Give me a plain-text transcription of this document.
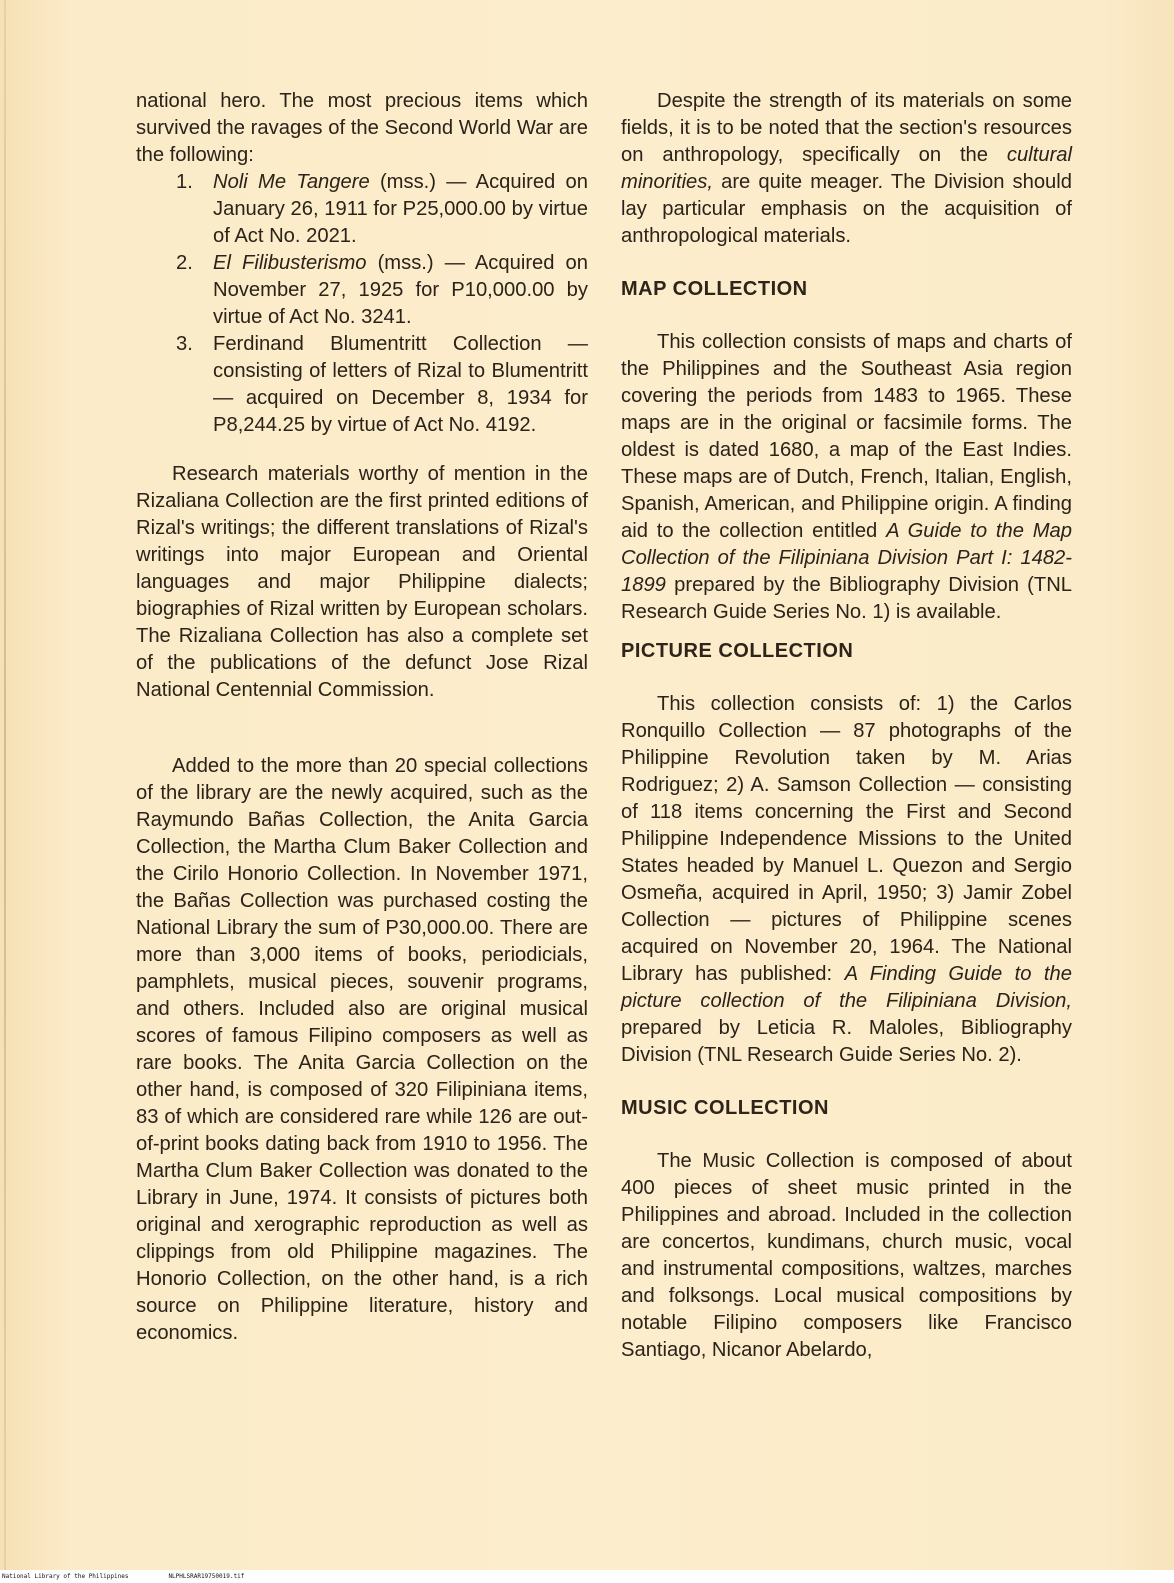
national hero. The most precious items which survived the ravages of the Second World War are the following:

1. Noli Me Tangere (mss.) — Acquired on January 26, 1911 for P25,000.00 by virtue of Act No. 2021.
2. El Filibusterismo (mss.) — Acquired on November 27, 1925 for P10,000.00 by virtue of Act No. 3241.
3. Ferdinand Blumentritt Collection — consisting of letters of Rizal to Blumentritt — acquired on December 8, 1934 for P8,244.25 by virtue of Act No. 4192.

Research materials worthy of mention in the Rizaliana Collection are the first printed editions of Rizal's writings; the different translations of Rizal's writings into major European and Oriental languages and major Philippine dialects; biographies of Rizal written by European scholars. The Rizaliana Collection has also a complete set of the publications of the defunct Jose Rizal National Centennial Commission.

Added to the more than 20 special collections of the library are the newly acquired, such as the Raymundo Bañas Collection, the Anita Garcia Collection, the Martha Clum Baker Collection and the Cirilo Honorio Collection. In November 1971, the Bañas Collection was purchased costing the National Library the sum of P30,000.00. There are more than 3,000 items of books, periodicials, pamphlets, musical pieces, souvenir programs, and others. Included also are original musical scores of famous Filipino composers as well as rare books. The Anita Garcia Collection on the other hand, is composed of 320 Filipiniana items, 83 of which are considered rare while 126 are out-of-print books dating back from 1910 to 1956. The Martha Clum Baker Collection was donated to the Library in June, 1974. It consists of pictures both original and xerographic reproduction as well as clippings from old Philippine magazines. The Honorio Collection, on the other hand, is a rich source on Philippine literature, history and economics.

Despite the strength of its materials on some fields, it is to be noted that the section's resources on anthropology, specifically on the cultural minorities, are quite meager. The Division should lay particular emphasis on the acquisition of anthropological materials.

MAP COLLECTION

This collection consists of maps and charts of the Philippines and the Southeast Asia region covering the periods from 1483 to 1965. These maps are in the original or facsimile forms. The oldest is dated 1680, a map of the East Indies. These maps are of Dutch, French, Italian, English, Spanish, American, and Philippine origin. A finding aid to the collection entitled A Guide to the Map Collection of the Filipiniana Division Part I: 1482-1899 prepared by the Bibliography Division (TNL Research Guide Series No. 1) is available.

PICTURE COLLECTION

This collection consists of: 1) the Carlos Ronquillo Collection — 87 photographs of the Philippine Revolution taken by M. Arias Rodriguez; 2) A. Samson Collection — consisting of 118 items concerning the First and Second Philippine Independence Missions to the United States headed by Manuel L. Quezon and Sergio Osmeña, acquired in April, 1950; 3) Jamir Zobel Collection — pictures of Philippine scenes acquired on November 20, 1964. The National Library has published: A Finding Guide to the picture collection of the Filipiniana Division, prepared by Leticia R. Maloles, Bibliography Division (TNL Research Guide Series No. 2).

MUSIC COLLECTION

The Music Collection is composed of about 400 pieces of sheet music printed in the Philippines and abroad. Included in the collection are concertos, kundimans, church music, vocal and instrumental compositions, waltzes, marches and folksongs. Local musical compositions by notable Filipino composers like Francisco Santiago, Nicanor Abelardo,

National Library of the Philippines	NLPHLSRAR19750019.tif
